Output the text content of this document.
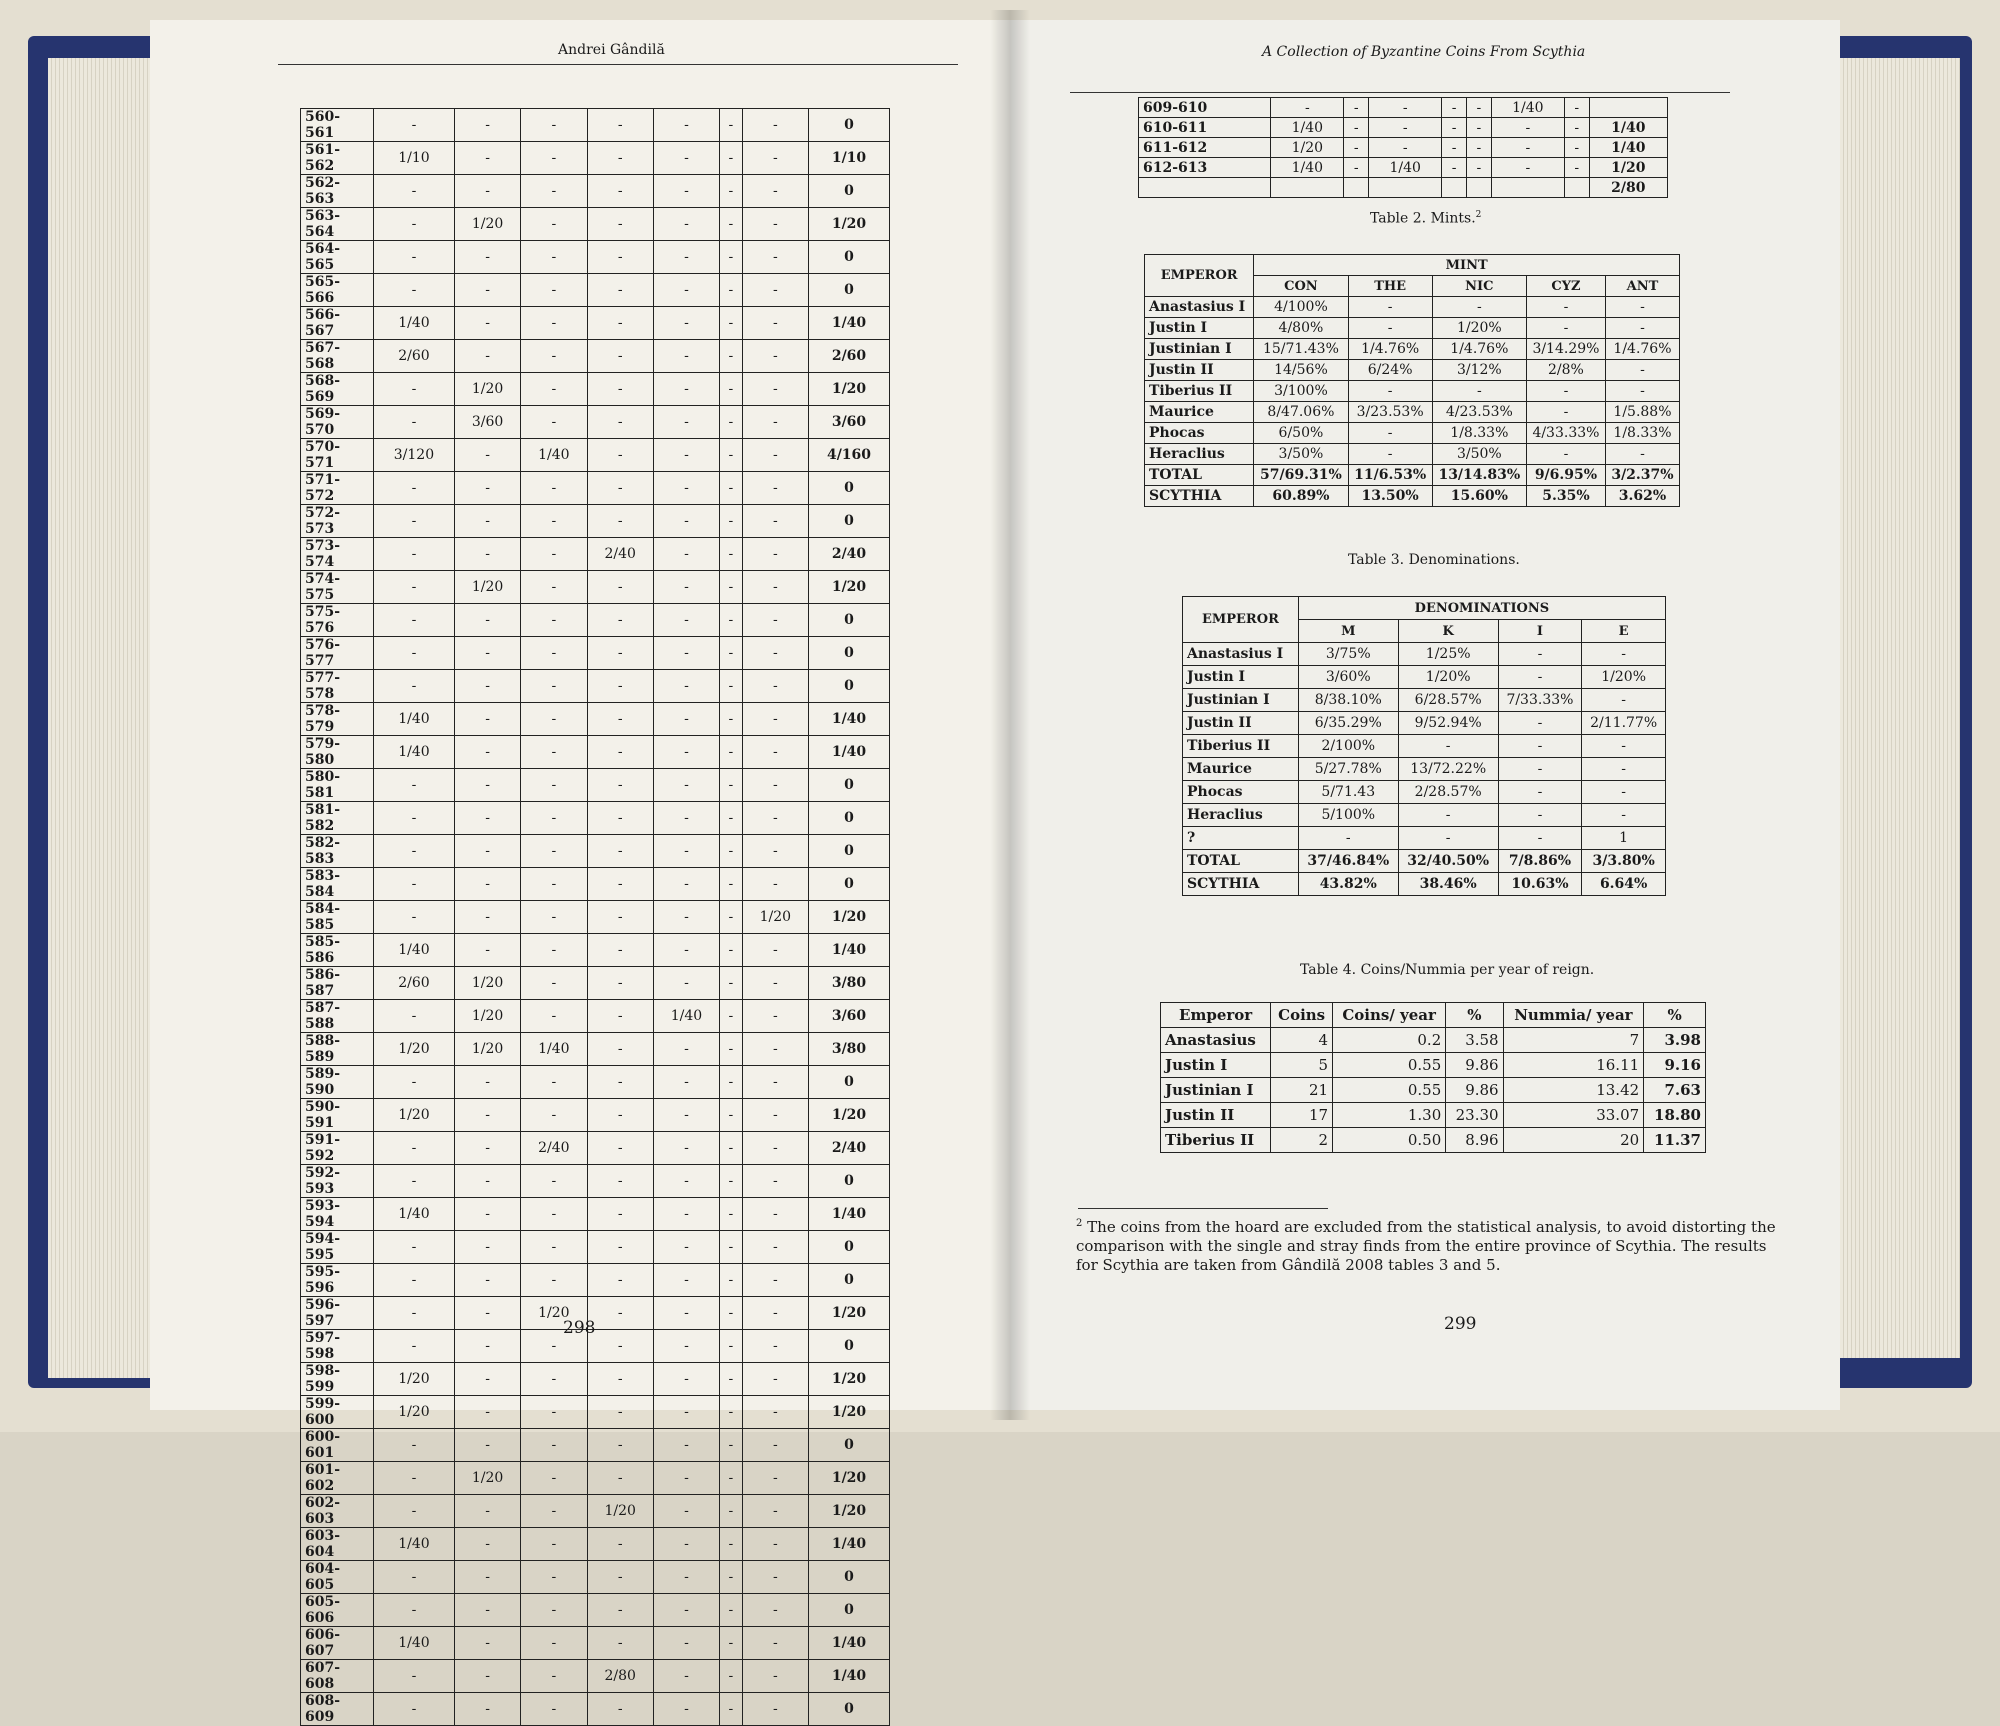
Andrei Gândilă
560-561	-	-	-	-	-	-	-	0
561-562	1/10	-	-	-	-	-	-	1/10
562-563	-	-	-	-	-	-	-	0
563-564	-	1/20	-	-	-	-	-	1/20
564-565	-	-	-	-	-	-	-	0
565-566	-	-	-	-	-	-	-	0
566-567	1/40	-	-	-	-	-	-	1/40
567-568	2/60	-	-	-	-	-	-	2/60
568-569	-	1/20	-	-	-	-	-	1/20
569-570	-	3/60	-	-	-	-	-	3/60
570-571	3/120	-	1/40	-	-	-	-	4/160
571-572	-	-	-	-	-	-	-	0
572-573	-	-	-	-	-	-	-	0
573-574	-	-	-	2/40	-	-	-	2/40
574-575	-	1/20	-	-	-	-	-	1/20
575-576	-	-	-	-	-	-	-	0
576-577	-	-	-	-	-	-	-	0
577-578	-	-	-	-	-	-	-	0
578-579	1/40	-	-	-	-	-	-	1/40
579-580	1/40	-	-	-	-	-	-	1/40
580-581	-	-	-	-	-	-	-	0
581-582	-	-	-	-	-	-	-	0
582-583	-	-	-	-	-	-	-	0
583-584	-	-	-	-	-	-	-	0
584-585	-	-	-	-	-	-	1/20	1/20
585-586	1/40	-	-	-	-	-	-	1/40
586-587	2/60	1/20	-	-	-	-	-	3/80
587-588	-	1/20	-	-	1/40	-	-	3/60
588-589	1/20	1/20	1/40	-	-	-	-	3/80
589-590	-	-	-	-	-	-	-	0
590-591	1/20	-	-	-	-	-	-	1/20
591-592	-	-	2/40	-	-	-	-	2/40
592-593	-	-	-	-	-	-	-	0
593-594	1/40	-	-	-	-	-	-	1/40
594-595	-	-	-	-	-	-	-	0
595-596	-	-	-	-	-	-	-	0
596-597	-	-	1/20	-	-	-	-	1/20
597-598	-	-	-	-	-	-	-	0
598-599	1/20	-	-	-	-	-	-	1/20
599-600	1/20	-	-	-	-	-	-	1/20
600-601	-	-	-	-	-	-	-	0
601-602	-	1/20	-	-	-	-	-	1/20
602-603	-	-	-	1/20	-	-	-	1/20
603-604	1/40	-	-	-	-	-	-	1/40
604-605	-	-	-	-	-	-	-	0
605-606	-	-	-	-	-	-	-	0
606-607	1/40	-	-	-	-	-	-	1/40
607-608	-	-	-	2/80	-	-	-	1/40
608-609	-	-	-	-	-	-	-	0
298
A Collection of Byzantine Coins From Scythia
609-610	-	-	-	-	-	1/40	-	
610-611	1/40	-	-	-	-	-	-	1/40
611-612	1/20	-	-	-	-	-	-	1/40
612-613	1/40	-	1/40	-	-	-	-	1/20
								2/80
Table 2. Mints.$^2$
EMPEROR	MINT				
	CON	THE	NIC	CYZ	ANT
Anastasius I	4/100%	-	-	-	-
Justin I	4/80%	-	1/20%	-	-
Justinian I	15/71.43%	1/4.76%	1/4.76%	3/14.29%	1/4.76%
Justin II	14/56%	6/24%	3/12%	2/8%	-
Tiberius II	3/100%	-	-	-	-
Maurice	8/47.06%	3/23.53%	4/23.53%	-	1/5.88%
Phocas	6/50%	-	1/8.33%	4/33.33%	1/8.33%
Heraclius	3/50%	-	3/50%	-	-
TOTAL	57/69.31%	11/6.53%	13/14.83%	9/6.95%	3/2.37%
SCYTHIA	60.89%	13.50%	15.60%	5.35%	3.62%
Table 3. Denominations.
EMPEROR	DENOMINATIONS			
	M	K	I	E
Anastasius I	3/75%	1/25%	-	-
Justin I	3/60%	1/20%	-	1/20%
Justinian I	8/38.10%	6/28.57%	7/33.33%	-
Justin II	6/35.29%	9/52.94%	-	2/11.77%
Tiberius II	2/100%	-	-	-
Maurice	5/27.78%	13/72.22%	-	-
Phocas	5/71.43	2/28.57%	-	-
Heraclius	5/100%	-	-	-
?	-	-	-	1
TOTAL	37/46.84%	32/40.50%	7/8.86%	3/3.80%
SCYTHIA	43.82%	38.46%	10.63%	6.64%
Table 4. Coins/Nummia per year of reign.
Emperor	Coins	Coins/ year	%	Nummia/ year	%
Anastasius	4	0.2	3.58	7	3.98
Justin I	5	0.55	9.86	16.11	9.16
Justinian I	21	0.55	9.86	13.42	7.63
Justin II	17	1.30	23.30	33.07	18.80
Tiberius II	2	0.50	8.96	20	11.37
$^2$ The coins from the hoard are excluded from the statistical analysis, to avoid distorting the comparison with the single and stray finds from the entire province of Scythia. The results for Scythia are taken from Gândilă 2008 tables 3 and 5.
299
